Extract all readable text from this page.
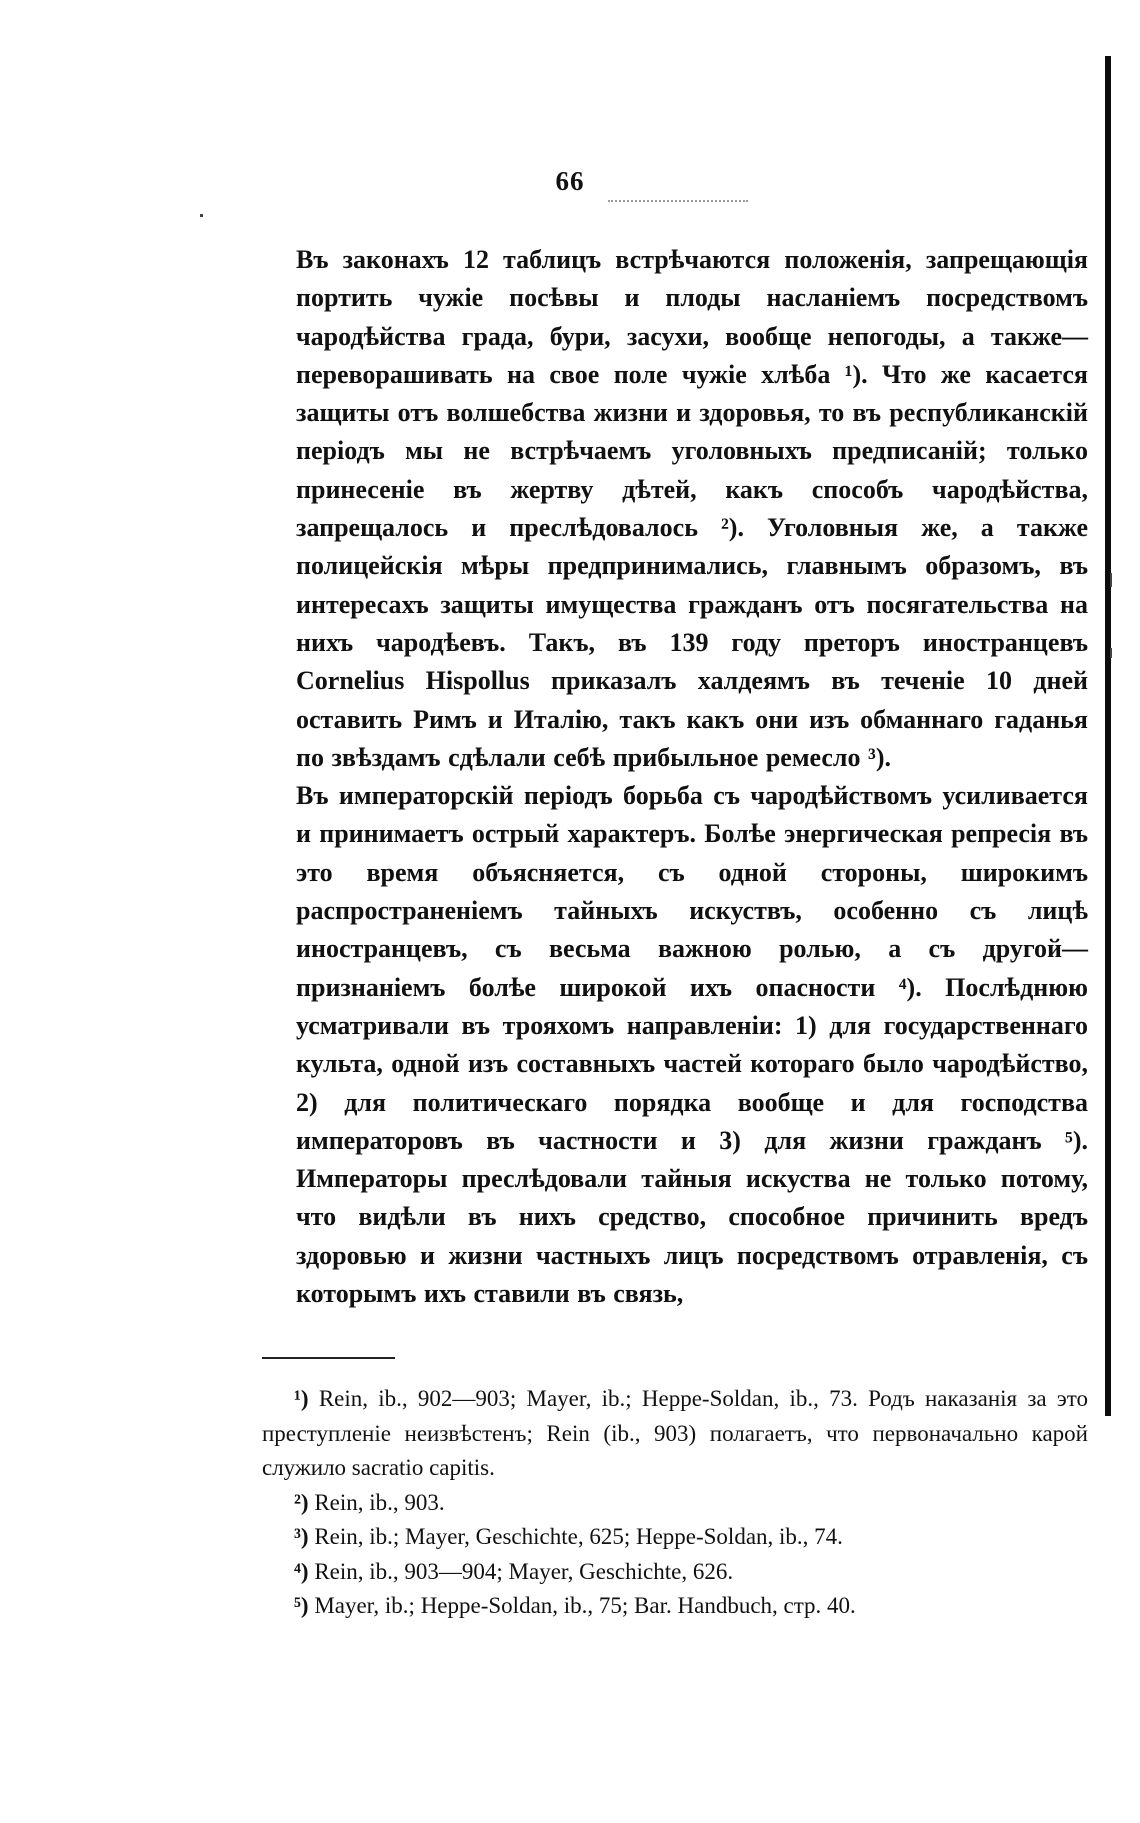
66

Въ законахъ 12 таблицъ встрѣчаются положенія, запрещающія портить чужіе посѣвы и плоды насланіемъ посредствомъ чародѣйства града, бури, засухи, вообще непогоды, а также—переворашивать на свое поле чужіе хлѣба ¹). Что же касается защиты отъ волшебства жизни и здоровья, то въ республиканскій періодъ мы не встрѣчаемъ уголовныхъ предписаній; только принесеніе въ жертву дѣтей, какъ способъ чародѣйства, запрещалось и преслѣдовалось ²). Уголовныя же, а также полицейскія мѣры предпринимались, главнымъ образомъ, въ интересахъ защиты имущества гражданъ отъ посягательства на нихъ чародѣевъ. Такъ, въ 139 году преторъ иностранцевъ Cornelius Hispollus приказалъ халдеямъ въ теченіе 10 дней оставить Римъ и Италію, такъ какъ они изъ обманнаго гаданья по звѣздамъ сдѣлали себѣ прибыльное ремесло ³).

Въ императорскій періодъ борьба съ чародѣйствомъ усиливается и принимаетъ острый характеръ. Болѣе энергическая репресія въ это время объясняется, съ одной стороны, широкимъ распространеніемъ тайныхъ искуствъ, особенно съ лицѣ иностранцевъ, съ весьма важною ролью, а съ другой—признаніемъ болѣе широкой ихъ опасности ⁴). Послѣднюю усматривали въ трояхомъ направленіи: 1) для государственнаго культа, одной изъ составныхъ частей котораго было чародѣйство, 2) для политическаго порядка вообще и для господства императоровъ въ частности и 3) для жизни гражданъ ⁵). Императоры преслѣдовали тайныя искуства не только потому, что видѣли въ нихъ средство, способное причинить вредъ здоровью и жизни частныхъ лицъ посредствомъ отравленія, съ которымъ ихъ ставили въ связь,

¹) Rein, ib., 902—903; Mayer, ib.; Heppe-Soldan, ib., 73. Родъ наказанія за это преступленіе неизвѣстенъ; Rein (ib., 903) полагаетъ, что первоначально карой служило sacratio capitis.

²) Rein, ib., 903.

³) Rein, ib.; Mayer, Geschichte, 625; Heppe-Soldan, ib., 74.

⁴) Rein, ib., 903—904; Mayer, Geschichte, 626.

⁵) Mayer, ib.; Heppe-Soldan, ib., 75; Bar. Handbuch, стр. 40.
